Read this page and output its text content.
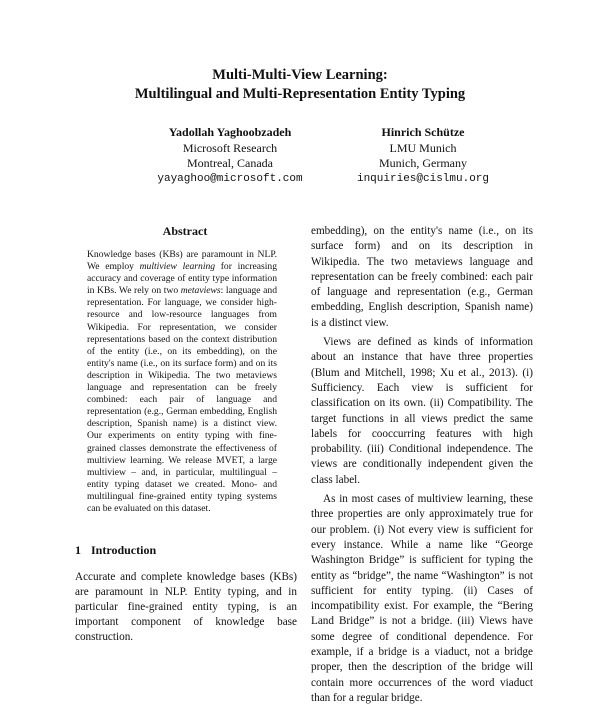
Multi-Multi-View Learning:
Multilingual and Multi-Representation Entity Typing
Yadollah Yaghoobzadeh
Microsoft Research
Montreal, Canada
yayaghoo@microsoft.com
Hinrich Schütze
LMU Munich
Munich, Germany
inquiries@cislmu.org
Abstract

Knowledge bases (KBs) are paramount in NLP. We employ multiview learning for increasing accuracy and coverage of entity type information in KBs. We rely on two metaviews: language and representation. For language, we consider high-resource and low-resource languages from Wikipedia. For representation, we consider representations based on the context distribution of the entity (i.e., on its embedding), on the entity's name (i.e., on its surface form) and on its description in Wikipedia. The two metaviews language and representation can be freely combined: each pair of language and representation (e.g., German embedding, English description, Spanish name) is a distinct view. Our experiments on entity typing with fine-grained classes demonstrate the effectiveness of multiview learning. We release MVET, a large multiview – and, in particular, multilingual – entity typing dataset we created. Mono- and multilingual fine-grained entity typing systems can be evaluated on this dataset.

1 Introduction

Accurate and complete knowledge bases (KBs) are paramount in NLP. Entity typing, and in particular fine-grained entity typing, is an important component of knowledge base construction.

embedding), on the entity's name (i.e., on its surface form) and on its description in Wikipedia. The two metaviews language and representation can be freely combined: each pair of language and representation (e.g., German embedding, English description, Spanish name) is a distinct view.

Views are defined as kinds of information about an instance that have three properties (Blum and Mitchell, 1998; Xu et al., 2013). (i) Sufficiency. Each view is sufficient for classification on its own. (ii) Compatibility. The target functions in all views predict the same labels for cooccurring features with high probability. (iii) Conditional independence. The views are conditionally independent given the class label.

As in most cases of multiview learning, these three properties are only approximately true for our problem. (i) Not every view is sufficient for every instance. While a name like “George Washington Bridge” is sufficient for typing the entity as “bridge”, the name “Washington” is not sufficient for entity typing. (ii) Cases of incompatibility exist. For example, the “Bering Land Bridge” is not a bridge. (iii) Views have some degree of conditional dependence. For example, if a bridge is a viaduct, not a bridge proper, then the description of the bridge will contain more occurrences of the word viaduct than for a regular bridge.
